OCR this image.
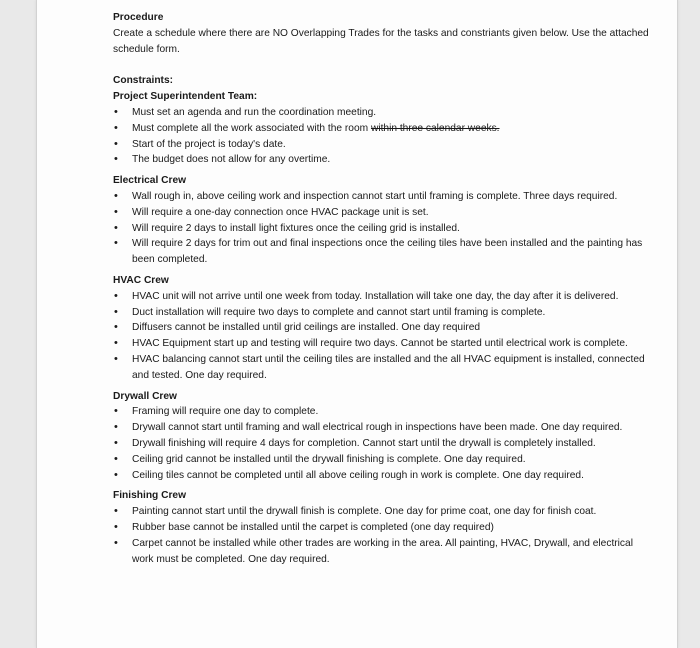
Procedure

Create a schedule where there are NO Overlapping Trades for the tasks and constriants given below. Use the attached schedule form.

Constraints:

Project Superintendent Team:

• Must set an agenda and run the coordination meeting.
• Must complete all the work associated with the room within three calendar weeks.
• Start of the project is today's date.
• The budget does not allow for any overtime.

Electrical Crew

• Wall rough in, above ceiling work and inspection cannot start until framing is complete. Three days required.
• Will require a one-day connection once HVAC package unit is set.
• Will require 2 days to install light fixtures once the ceiling grid is installed.
• Will require 2 days for trim out and final inspections once the ceiling tiles have been installed and the painting has been completed.

HVAC Crew

• HVAC unit will not arrive until one week from today. Installation will take one day, the day after it is delivered.
• Duct installation will require two days to complete and cannot start until framing is complete.
• Diffusers cannot be installed until grid ceilings are installed. One day required
• HVAC Equipment start up and testing will require two days. Cannot be started until electrical work is complete.
• HVAC balancing cannot start until the ceiling tiles are installed and the all HVAC equipment is installed, connected and tested. One day required.

Drywall Crew

• Framing will require one day to complete.
• Drywall cannot start until framing and wall electrical rough in inspections have been made. One day required.
• Drywall finishing will require 4 days for completion. Cannot start until the drywall is completely installed.
• Ceiling grid cannot be installed until the drywall finishing is complete. One day required.
• Ceiling tiles cannot be completed until all above ceiling rough in work is complete. One day required.

Finishing Crew

• Painting cannot start until the drywall finish is complete. One day for prime coat, one day for finish coat.
• Rubber base cannot be installed until the carpet is completed (one day required)
• Carpet cannot be installed while other trades are working in the area. All painting, HVAC, Drywall, and electrical work must be completed. One day required.
